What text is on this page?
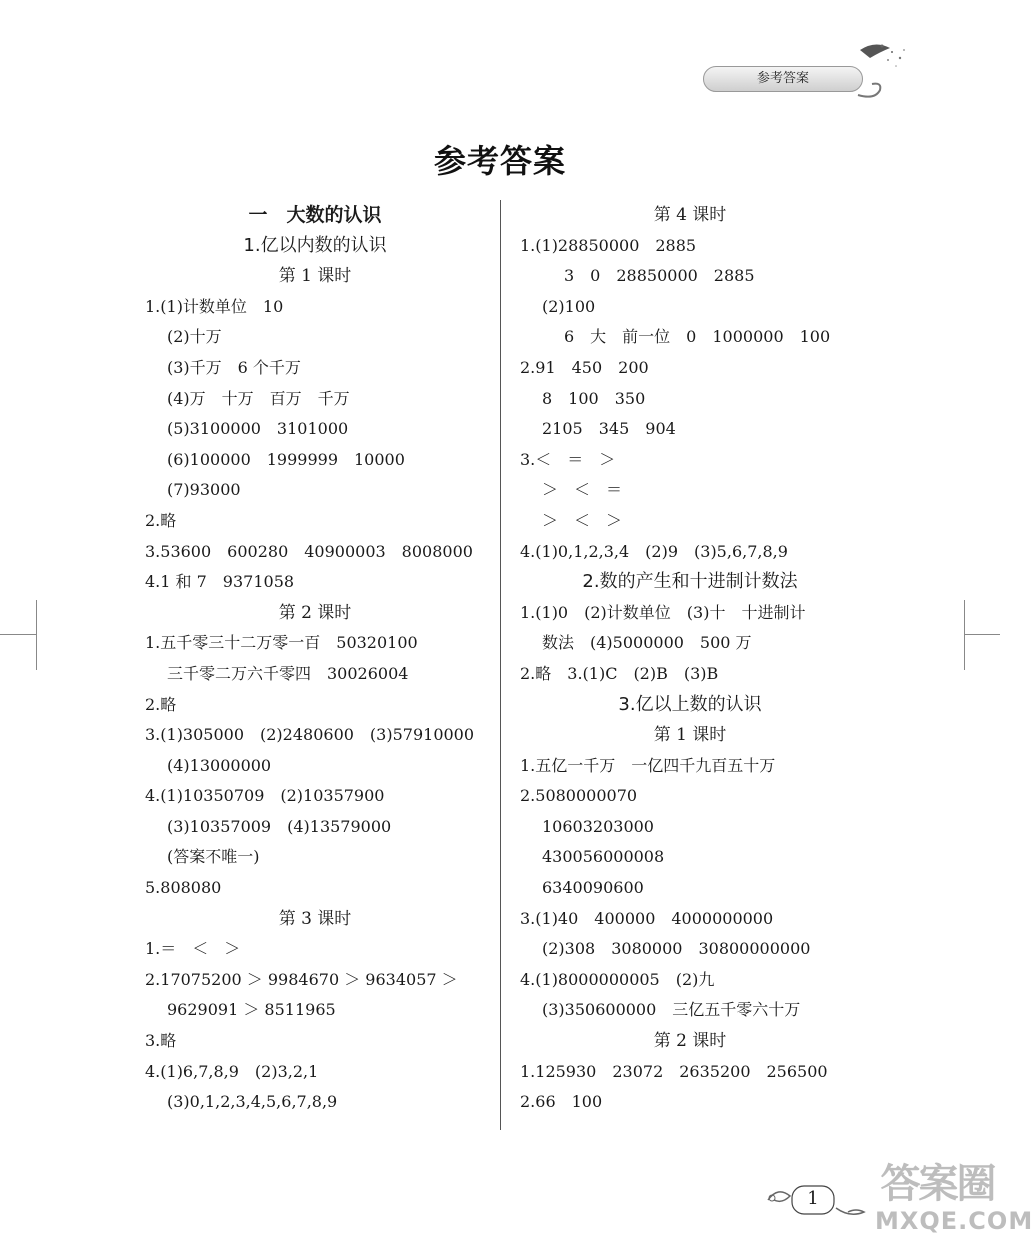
参考答案
参考答案
一　大数的认识
1.亿以内数的认识
第 1 课时
1.(1)计数单位　10
(2)十万
(3)千万　6 个千万
(4)万　十万　百万　千万
(5)3100000　3101000
(6)100000　1999999　10000
(7)93000
2.略
3.53600　600280　40900003　8008000
4.1 和 7　9371058
第 2 课时
1.五千零三十二万零一百　50320100
三千零二万六千零四　30026004
2.略
3.(1)305000　(2)2480600　(3)57910000
(4)13000000
4.(1)10350709　(2)10357900
(3)10357009　(4)13579000
(答案不唯一)
5.808080
第 3 课时
1.＝　＜　＞
2.17075200 ＞ 9984670 ＞ 9634057 ＞
9629091 ＞ 8511965
3.略
4.(1)6,7,8,9　(2)3,2,1
(3)0,1,2,3,4,5,6,7,8,9
第 4 课时
1.(1)28850000　2885
3　0　28850000　2885
(2)100
6　大　前一位　0　1000000　100
2.91　450　200
8　100　350
2105　345　904
3.＜　＝　＞
＞　＜　＝
＞　＜　＞
4.(1)0,1,2,3,4　(2)9　(3)5,6,7,8,9
2.数的产生和十进制计数法
1.(1)0　(2)计数单位　(3)十　十进制计
数法　(4)5000000　500 万
2.略　3.(1)C　(2)B　(3)B
3.亿以上数的认识
第 1 课时
1.五亿一千万　一亿四千九百五十万
2.5080000070
10603203000
430056000008
6340090600
3.(1)40　400000　4000000000
(2)308　3080000　30800000000
4.(1)8000000005　(2)九
(3)350600000　三亿五千零六十万
第 2 课时
1.125930　23072　2635200　256500
2.66　100
1	答案圈
MXQE.COM
